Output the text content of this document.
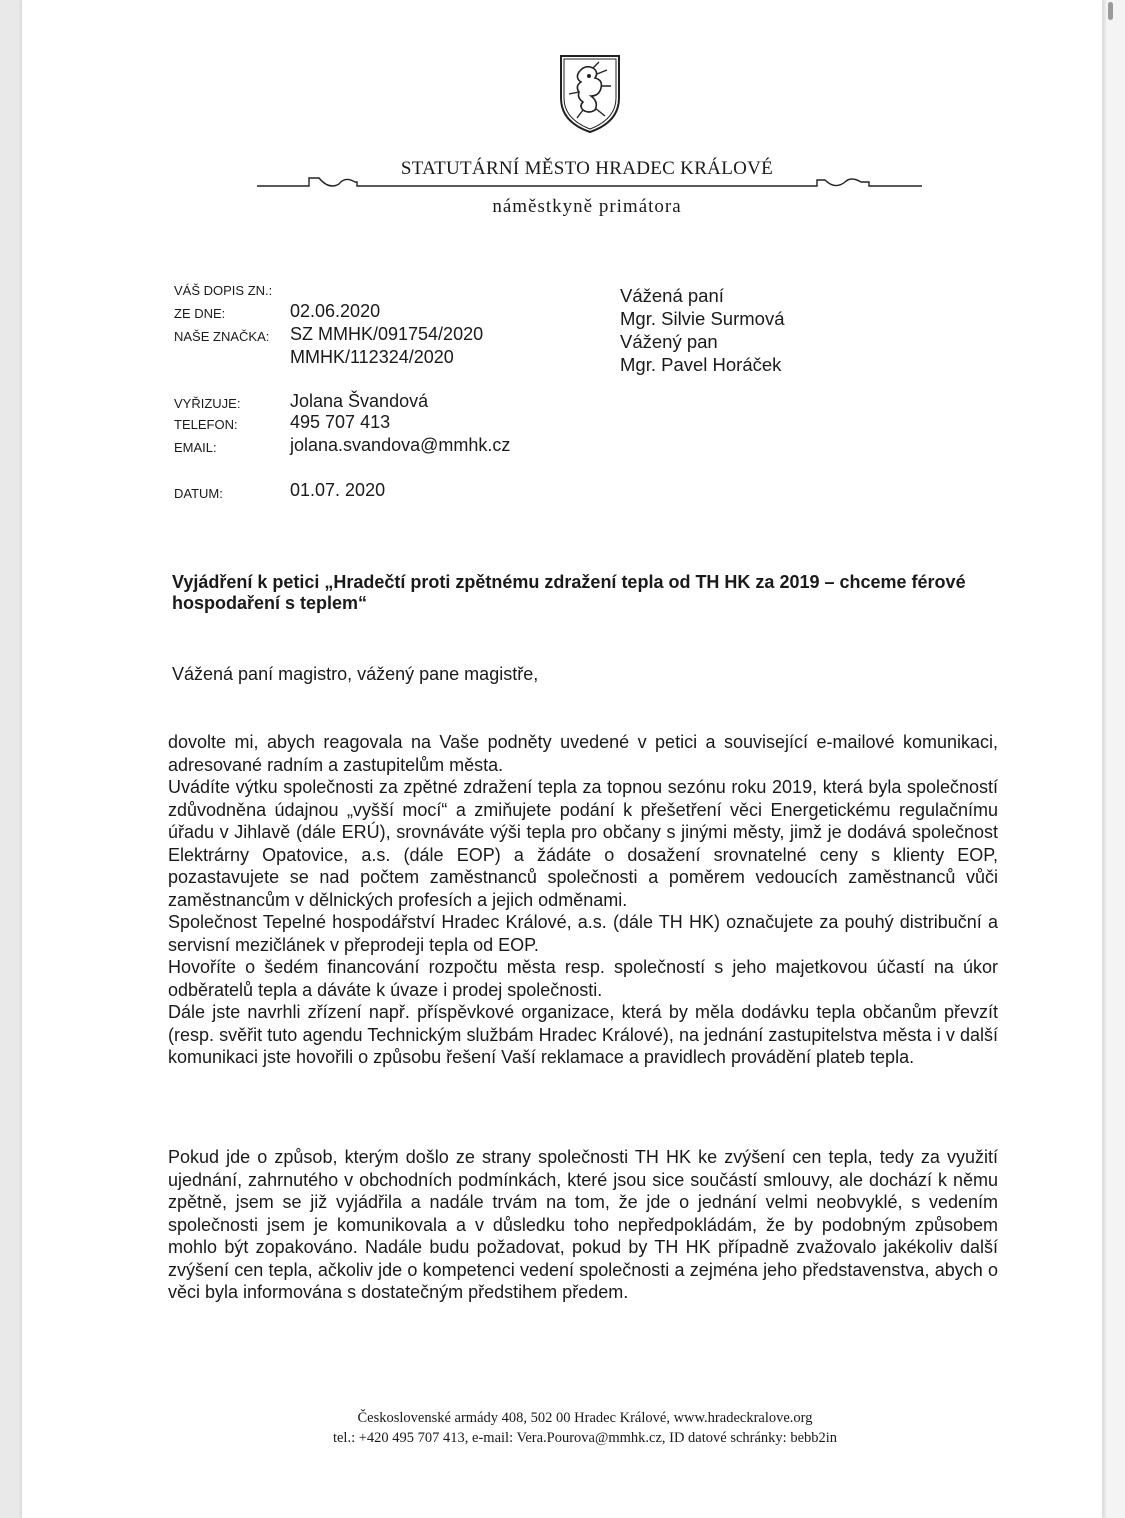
STATUTÁRNÍ MĚSTO HRADEC KRÁLOVÉ
náměstkyně primátora
VÁŠ DOPIS ZN.:
ZE DNE:	02.06.2020
NAŠE ZNAČKA: SZ MMHK/091754/2020
MMHK/112324/2020
VYŘIZUJE:	Jolana Švandová
TELEFON:	495 707 413
EMAIL:	jolana.svandova@mmhk.cz
DATUM:	01.07. 2020
Vážená paní
Mgr. Silvie Surmová
Vážený pan
Mgr. Pavel Horáček
Vyjádření k petici „Hradečtí proti zpětnému zdražení tepla od TH HK za 2019 – chceme férové hospodaření s teplem“
Vážená paní magistro, vážený pane magistře,

dovolte mi, abych reagovala na Vaše podněty uvedené v petici a související e-mailové komunikaci, adresované radním a zastupitelům města.

Uvádíte výtku společnosti za zpětné zdražení tepla za topnou sezónu roku 2019, která byla společností zdůvodněna údajnou „vyšší mocí“ a zmiňujete podání k přešetření věci Energetickému regulačnímu úřadu v Jihlavě (dále ERÚ), srovnáváte výši tepla pro občany s jinými městy, jimž je dodává společnost Elektrárny Opatovice, a.s. (dále EOP) a žádáte o dosažení srovnatelné ceny s klienty EOP, pozastavujete se nad počtem zaměstnanců společnosti a poměrem vedoucích zaměstnanců vůči zaměstnancům v dělnických profesích a jejich odměnami.

Společnost Tepelné hospodářství Hradec Králové, a.s. (dále TH HK) označujete za pouhý distribuční a servisní mezičlánek v přeprodeji tepla od EOP.

Hovoříte o šedém financování rozpočtu města resp. společností s jeho majetkovou účastí na úkor odběratelů tepla a dáváte k úvaze i prodej společnosti.

Dále jste navrhli zřízení např. příspěvkové organizace, která by měla dodávku tepla občanům převzít (resp. svěřit tuto agendu Technickým službám Hradec Králové), na jednání zastupitelstva města i v další komunikaci jste hovořili o způsobu řešení Vaší reklamace a pravidlech provádění plateb tepla.

Pokud jde o způsob, kterým došlo ze strany společnosti TH HK ke zvýšení cen tepla, tedy za využití ujednání, zahrnutého v obchodních podmínkách, které jsou sice součástí smlouvy, ale dochází k němu zpětně, jsem se již vyjádřila a nadále trvám na tom, že jde o jednání velmi neobvyklé, s vedením společnosti jsem je komunikovala a v důsledku toho nepředpokládám, že by podobným způsobem mohlo být zopakováno. Nadále budu požadovat, pokud by TH HK případně zvažovalo jakékoliv další zvýšení cen tepla, ačkoliv jde o kompetenci vedení společnosti a zejména jeho představenstva, abych o věci byla informována s dostatečným předstihem předem.

Československé armády 408, 502 00 Hradec Králové, www.hradeckralove.org
tel.: +420 495 707 413, e-mail: Vera.Pourova@mmhk.cz, ID datové schránky: bebb2in
